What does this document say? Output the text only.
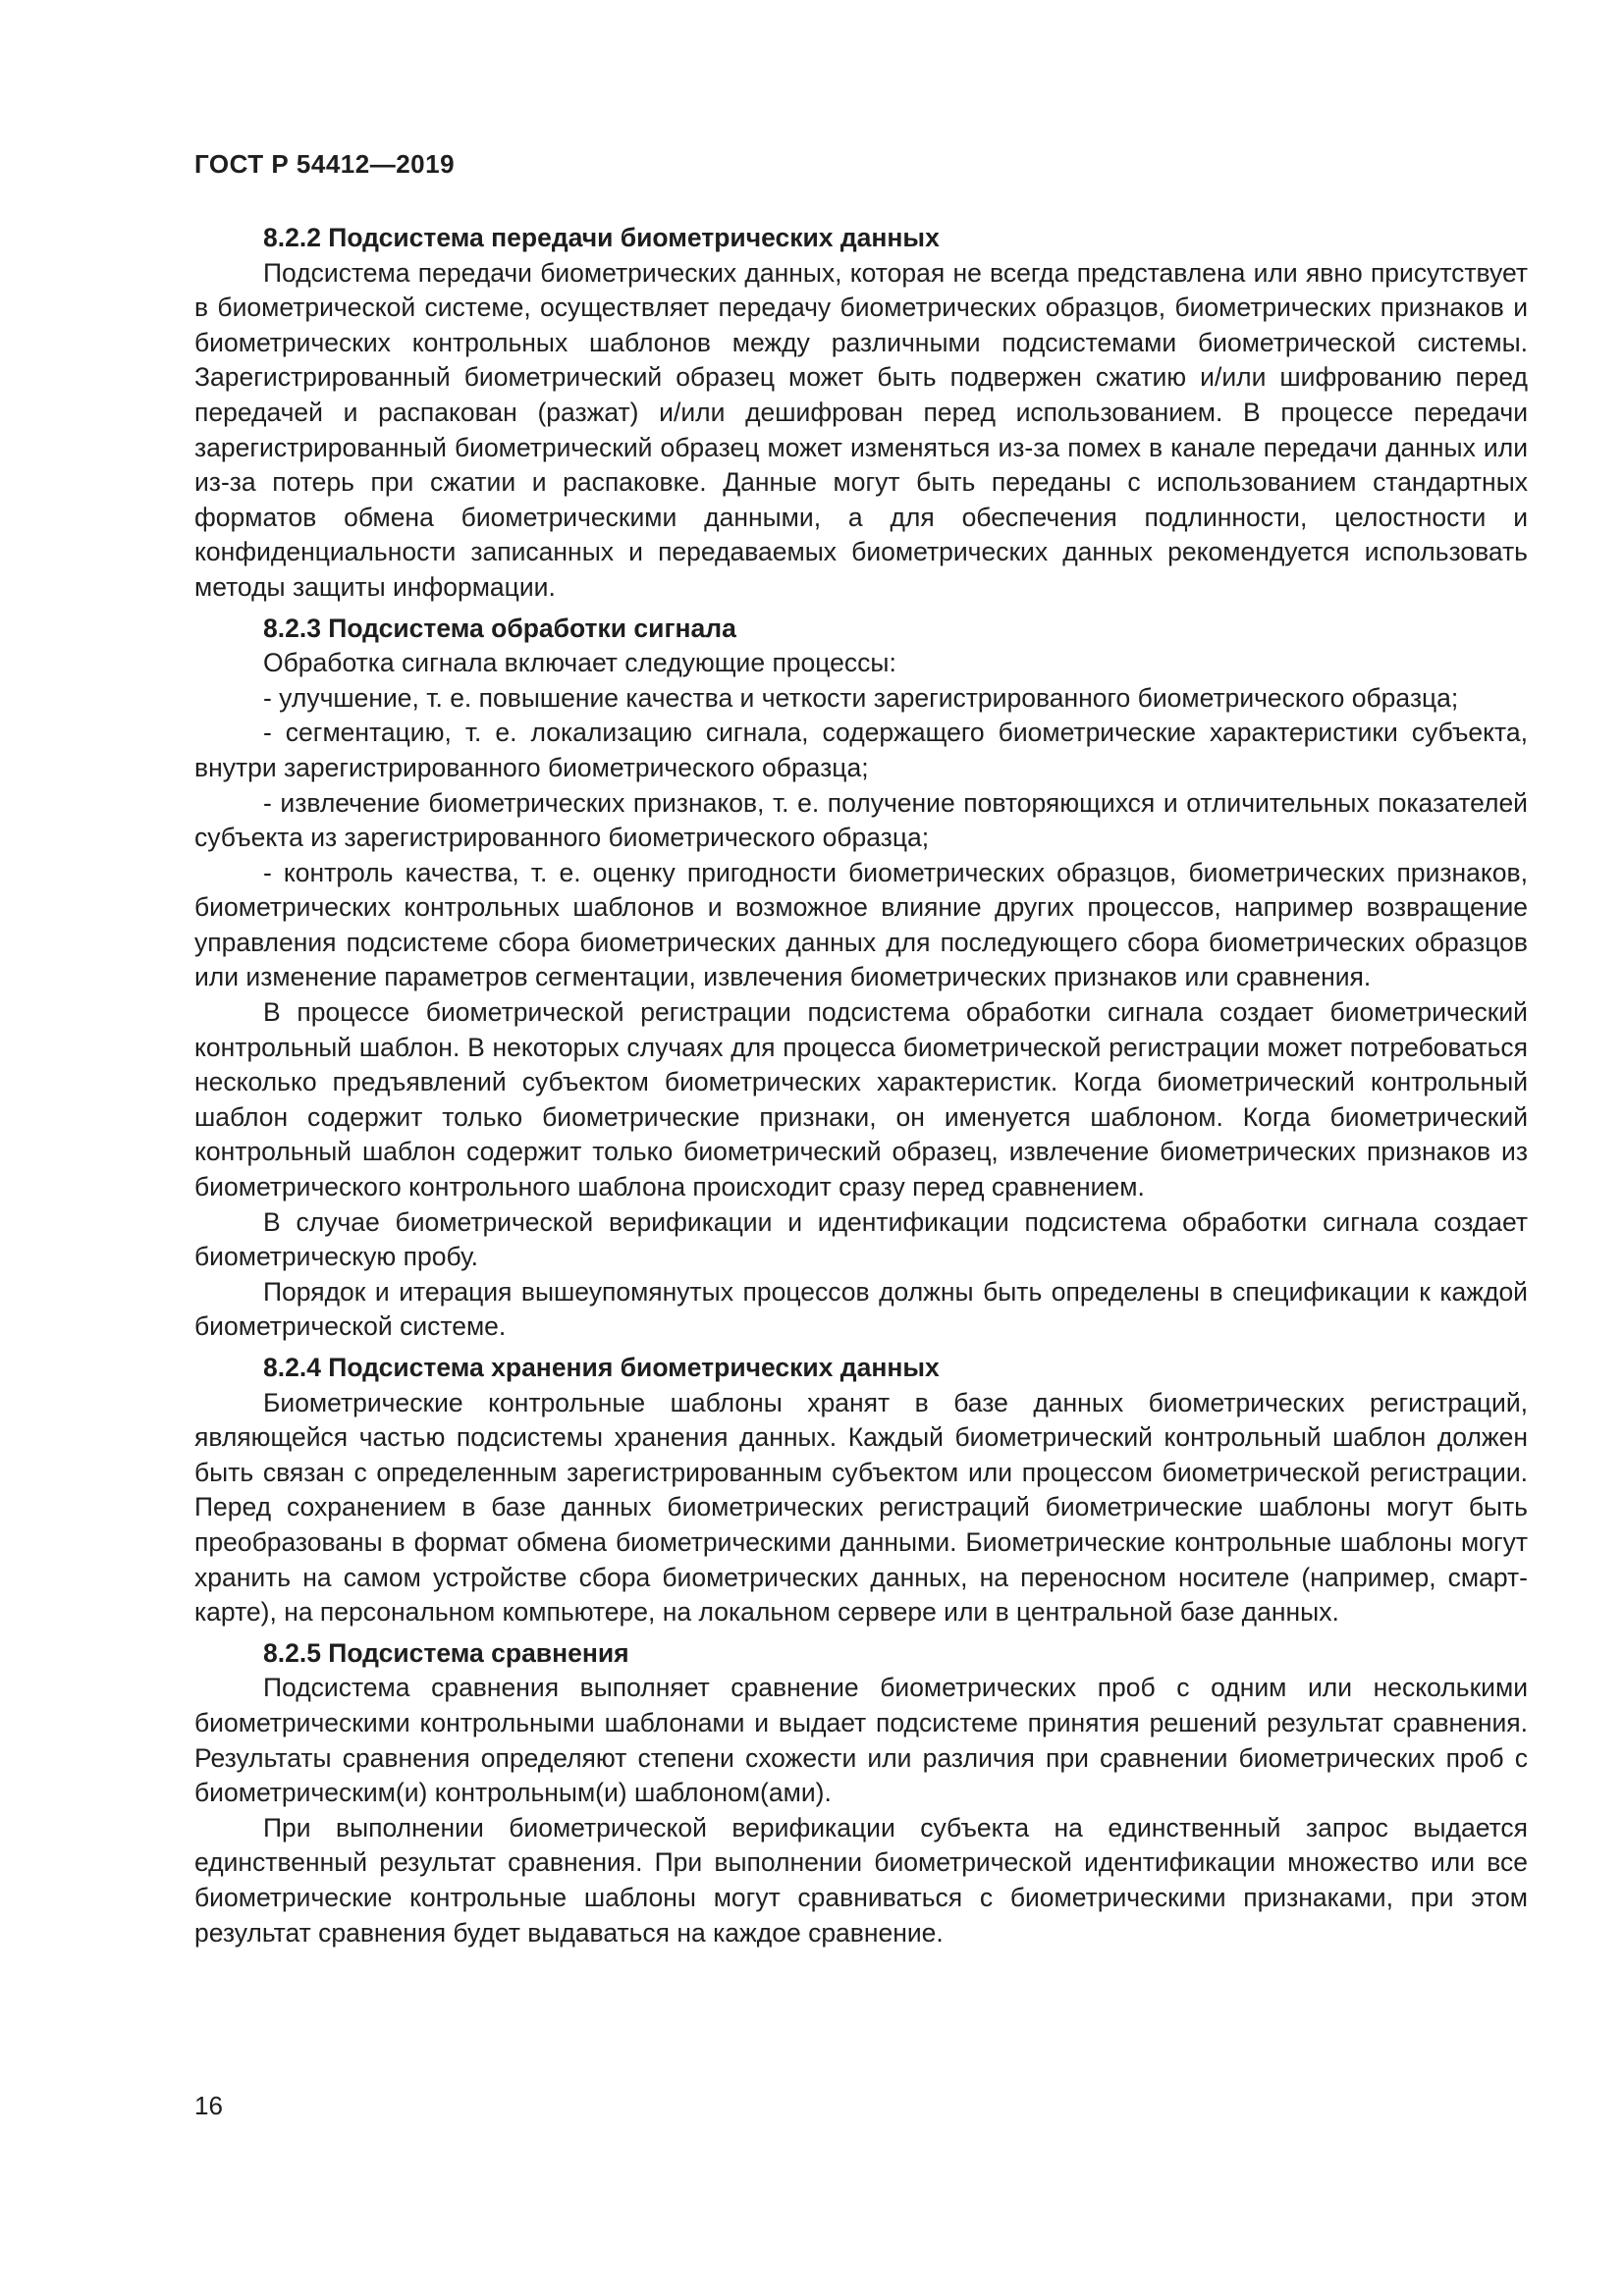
ГОСТ Р 54412—2019
8.2.2 Подсистема передачи биометрических данных

Подсистема передачи биометрических данных, которая не всегда представлена или явно присутствует в биометрической системе, осуществляет передачу биометрических образцов, биометрических признаков и биометрических контрольных шаблонов между различными подсистемами биометрической системы. Зарегистрированный биометрический образец может быть подвержен сжатию и/или шифрованию перед передачей и распакован (разжат) и/или дешифрован перед использованием. В процессе передачи зарегистрированный биометрический образец может изменяться из-за помех в канале передачи данных или из-за потерь при сжатии и распаковке. Данные могут быть переданы с использованием стандартных форматов обмена биометрическими данными, а для обеспечения подлинности, целостности и конфиденциальности записанных и передаваемых биометрических данных рекомендуется использовать методы защиты информации.

8.2.3 Подсистема обработки сигнала

Обработка сигнала включает следующие процессы:

- улучшение, т. е. повышение качества и четкости зарегистрированного биометрического образца;

- сегментацию, т. е. локализацию сигнала, содержащего биометрические характеристики субъекта, внутри зарегистрированного биометрического образца;

- извлечение биометрических признаков, т. е. получение повторяющихся и отличительных показателей субъекта из зарегистрированного биометрического образца;

- контроль качества, т. е. оценку пригодности биометрических образцов, биометрических признаков, биометрических контрольных шаблонов и возможное влияние других процессов, например возвращение управления подсистеме сбора биометрических данных для последующего сбора биометрических образцов или изменение параметров сегментации, извлечения биометрических признаков или сравнения.

В процессе биометрической регистрации подсистема обработки сигнала создает биометрический контрольный шаблон. В некоторых случаях для процесса биометрической регистрации может потребоваться несколько предъявлений субъектом биометрических характеристик. Когда биометрический контрольный шаблон содержит только биометрические признаки, он именуется шаблоном. Когда биометрический контрольный шаблон содержит только биометрический образец, извлечение биометрических признаков из биометрического контрольного шаблона происходит сразу перед сравнением.

В случае биометрической верификации и идентификации подсистема обработки сигнала создает биометрическую пробу.

Порядок и итерация вышеупомянутых процессов должны быть определены в спецификации к каждой биометрической системе.

8.2.4 Подсистема хранения биометрических данных

Биометрические контрольные шаблоны хранят в базе данных биометрических регистраций, являющейся частью подсистемы хранения данных. Каждый биометрический контрольный шаблон должен быть связан с определенным зарегистрированным субъектом или процессом биометрической регистрации. Перед сохранением в базе данных биометрических регистраций биометрические шаблоны могут быть преобразованы в формат обмена биометрическими данными. Биометрические контрольные шаблоны могут хранить на самом устройстве сбора биометрических данных, на переносном носителе (например, смарт-карте), на персональном компьютере, на локальном сервере или в центральной базе данных.

8.2.5 Подсистема сравнения

Подсистема сравнения выполняет сравнение биометрических проб с одним или несколькими биометрическими контрольными шаблонами и выдает подсистеме принятия решений результат сравнения. Результаты сравнения определяют степени схожести или различия при сравнении биометрических проб с биометрическим(и) контрольным(и) шаблоном(ами).

При выполнении биометрической верификации субъекта на единственный запрос выдается единственный результат сравнения. При выполнении биометрической идентификации множество или все биометрические контрольные шаблоны могут сравниваться с биометрическими признаками, при этом результат сравнения будет выдаваться на каждое сравнение.

16
